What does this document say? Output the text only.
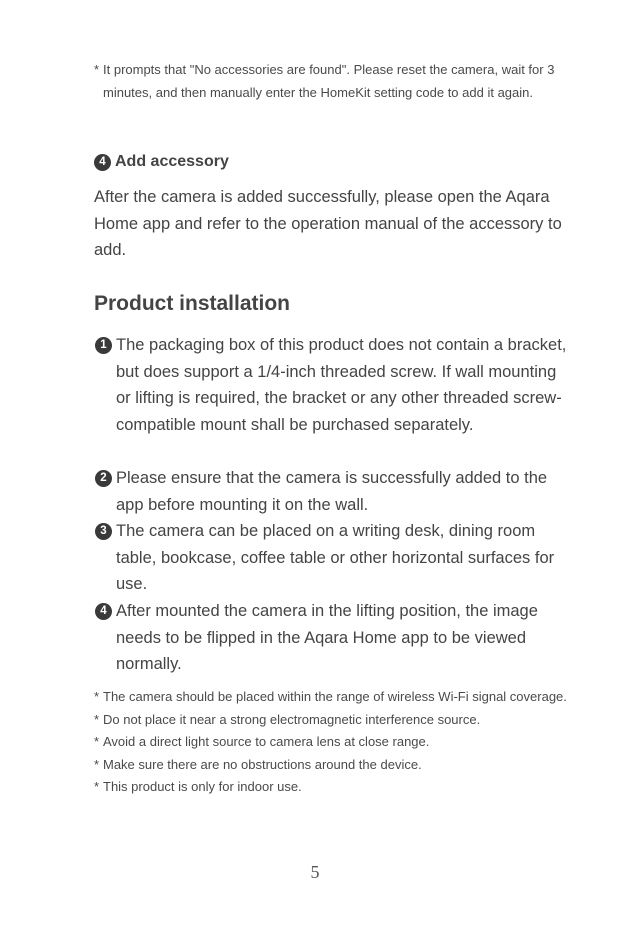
* It prompts that "No accessories are found". Please reset the camera, wait for 3 minutes, and then manually enter the HomeKit setting code to add it again.
4 Add accessory
After the camera is added successfully, please open the Aqara Home app and refer to the operation manual of the accessory to add.
Product installation
1 The packaging box of this product does not contain a bracket, but does support a 1/4-inch threaded screw. If wall mounting or lifting is required, the bracket or any other threaded screw-compatible mount shall be purchased separately.
2 Please ensure that the camera is successfully added to the app before mounting it on the wall.
3 The camera can be placed on a writing desk, dining room table, bookcase, coffee table or other horizontal surfaces for use.
4 After mounted the camera in the lifting position, the image needs to be flipped in the Aqara Home app to be viewed normally.
* The camera should be placed within the range of wireless Wi-Fi signal coverage.
* Do not place it near a strong electromagnetic interference source.
* Avoid a direct light source to camera lens at close range.
* Make sure there are no obstructions around the device.
* This product is only for indoor use.
5
